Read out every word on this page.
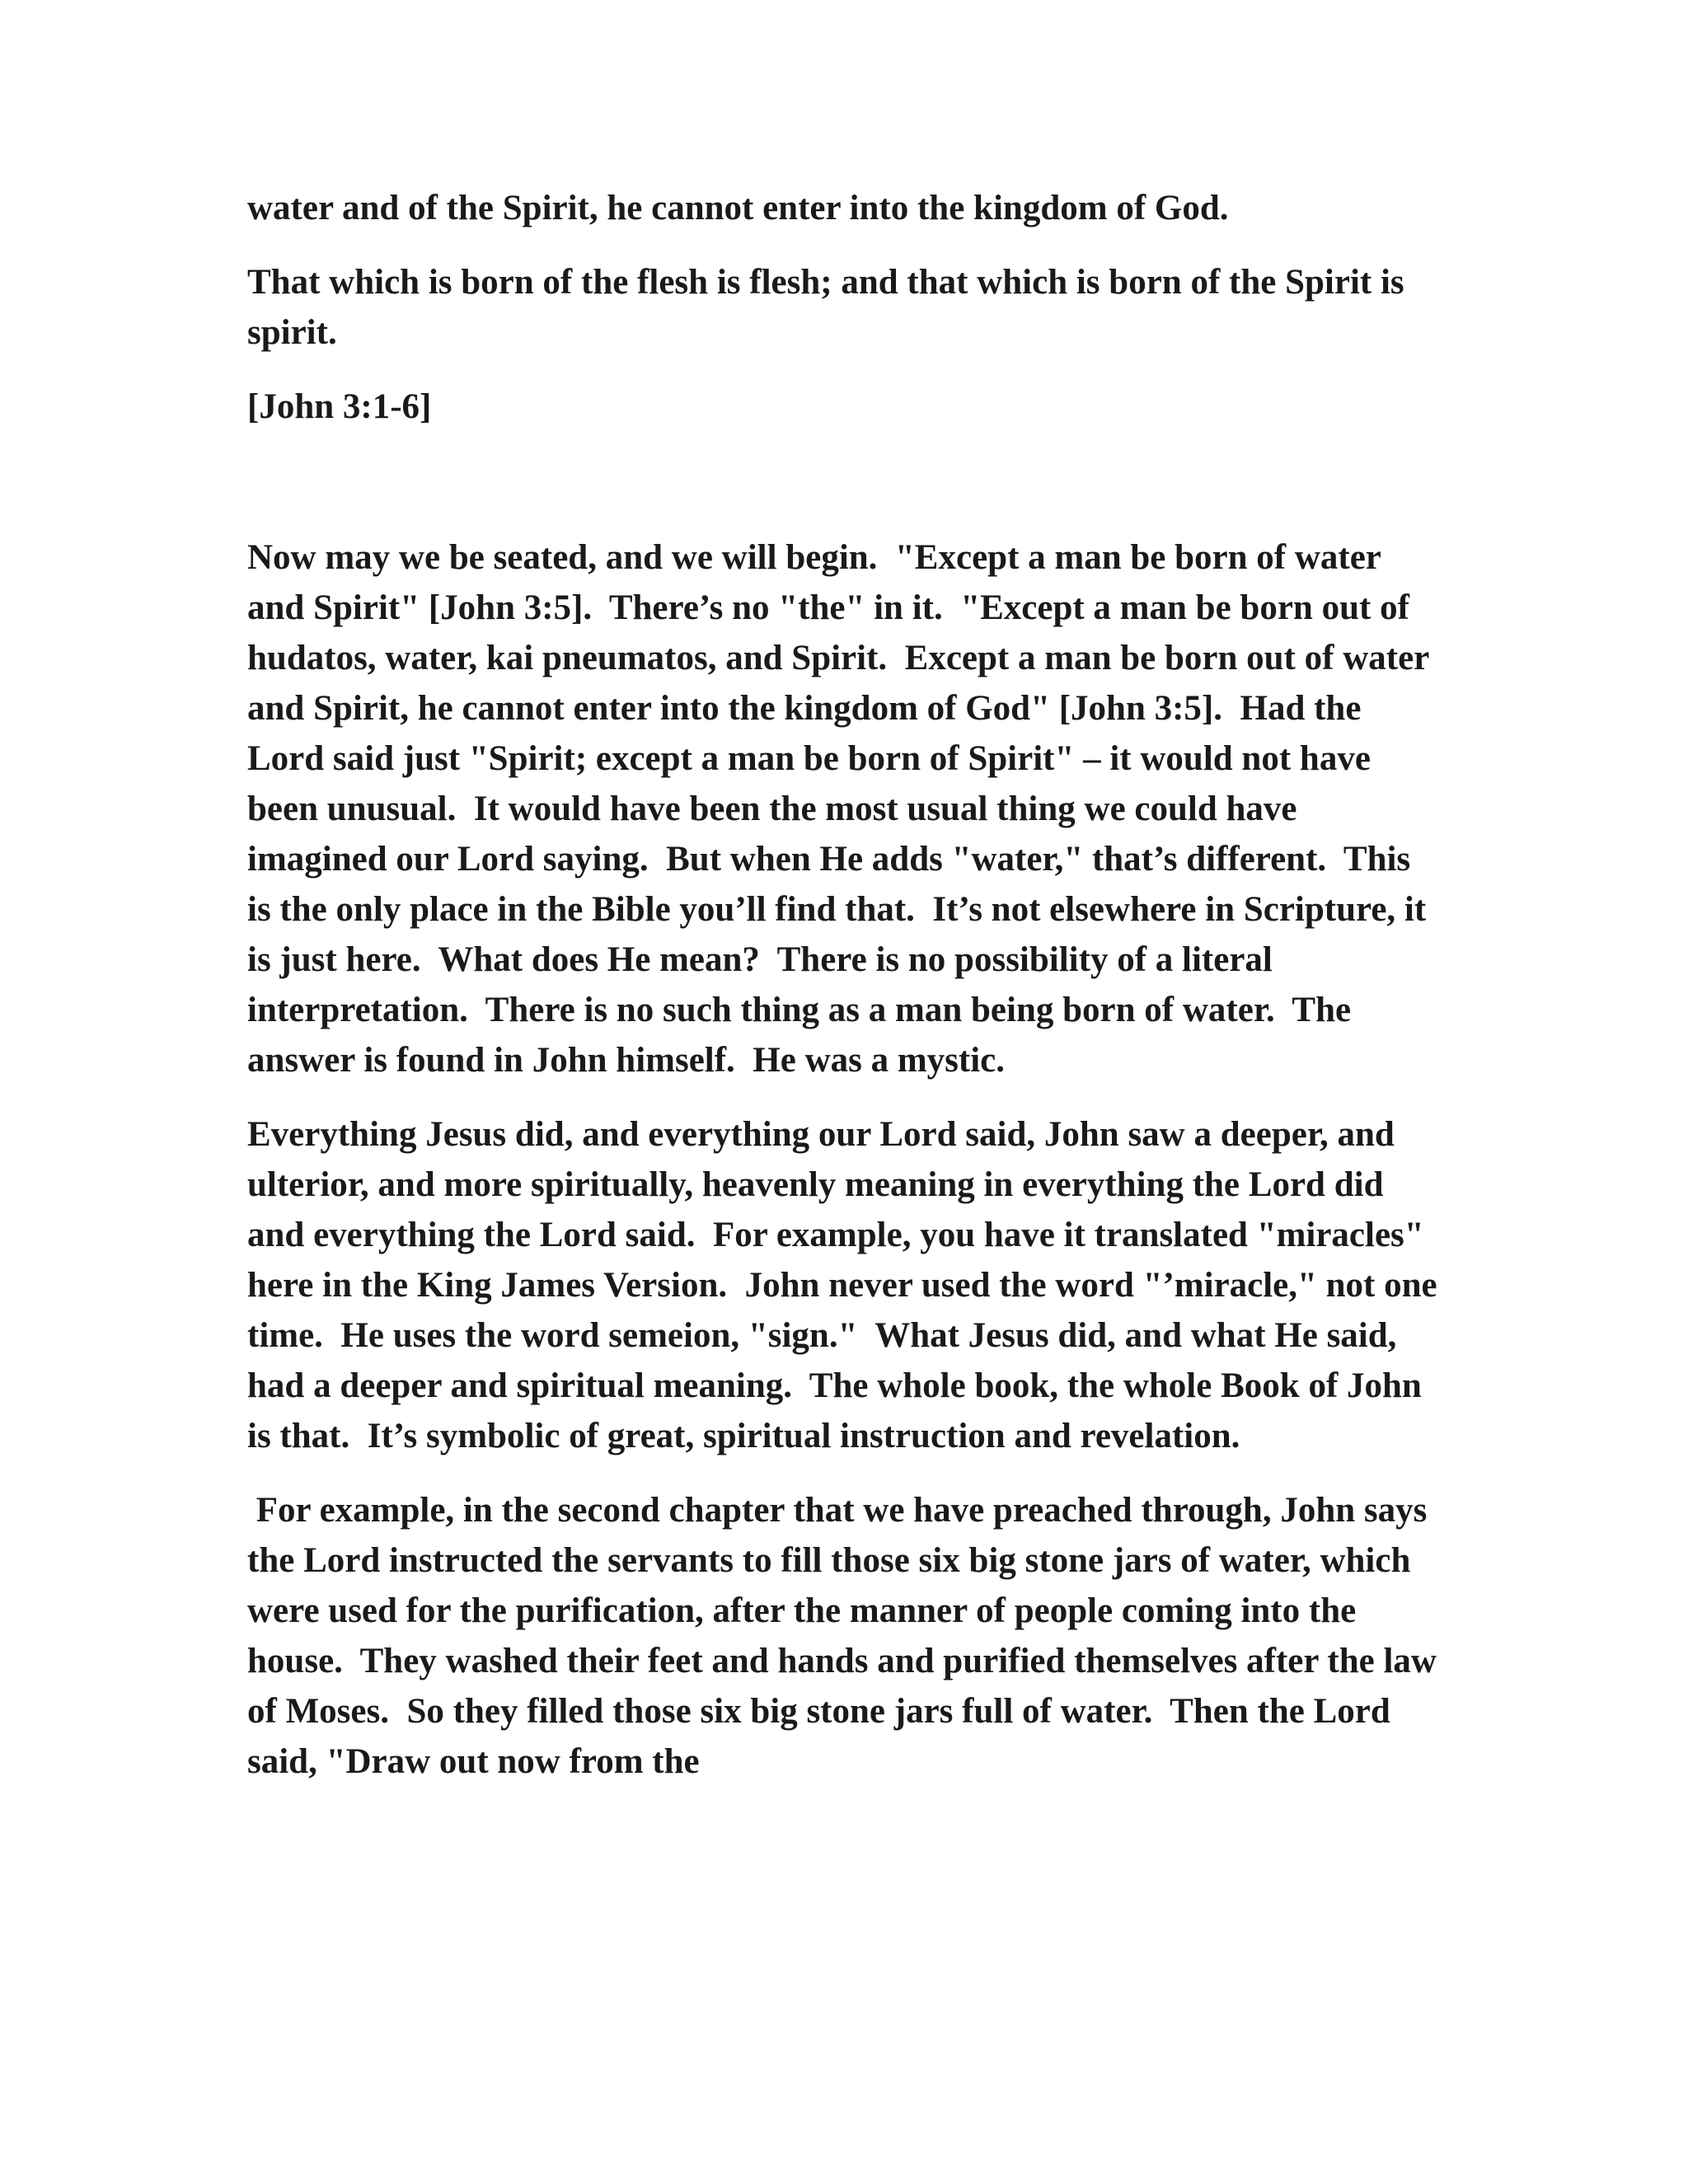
water and of the Spirit, he cannot enter into the kingdom of God.

That which is born of the flesh is flesh; and that which is born of the Spirit is spirit.

[John 3:1-6]

Now may we be seated, and we will begin.  "Except a man be born of water and Spirit" [John 3:5].  There’s no "the" in it.  "Except a man be born out of hudatos, water, kai pneumatos, and Spirit.  Except a man be born out of water and Spirit, he cannot enter into the kingdom of God" [John 3:5].  Had the Lord said just "Spirit; except a man be born of Spirit" – it would not have been unusual.  It would have been the most usual thing we could have imagined our Lord saying.  But when He adds "water," that’s different.  This is the only place in the Bible you’ll find that.  It’s not elsewhere in Scripture, it is just here.  What does He mean?  There is no possibility of a literal interpretation.  There is no such thing as a man being born of water.  The answer is found in John himself.  He was a mystic.

Everything Jesus did, and everything our Lord said, John saw a deeper, and ulterior, and more spiritually, heavenly meaning in everything the Lord did and everything the Lord said.  For example, you have it translated "miracles" here in the King James Version.  John never used the word "’miracle," not one time.  He uses the word semeion, "sign."  What Jesus did, and what He said, had a deeper and spiritual meaning.  The whole book, the whole Book of John is that.  It’s symbolic of great, spiritual instruction and revelation.

For example, in the second chapter that we have preached through, John says the Lord instructed the servants to fill those six big stone jars of water, which were used for the purification, after the manner of people coming into the house.  They washed their feet and hands and purified themselves after the law of Moses.  So they filled those six big stone jars full of water.  Then the Lord said, "Draw out now from the
